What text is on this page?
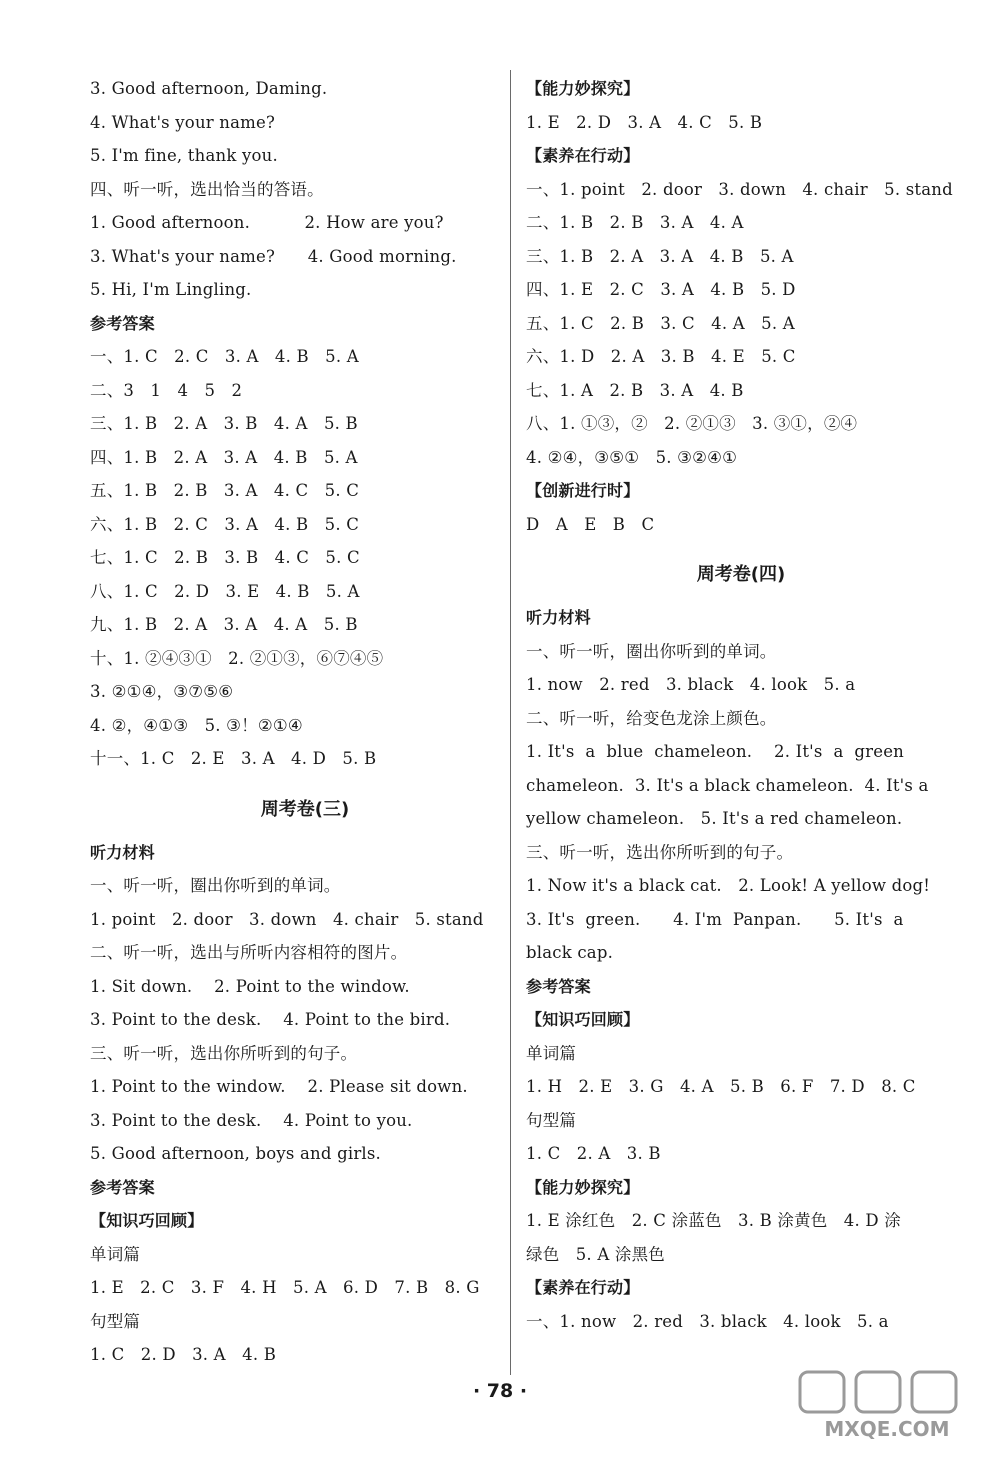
3. Good afternoon, Daming.
4. What's your name?
5. I'm fine, thank you.
四、听一听，选出恰当的答语。
1. Good afternoon.          2. How are you?
3. What's your name?      4. Good morning.
5. Hi, I'm Lingling.
参考答案
一、1. C   2. C   3. A   4. B   5. A
二、3   1   4   5   2
三、1. B   2. A   3. B   4. A   5. B
四、1. B   2. A   3. A   4. B   5. A
五、1. B   2. B   3. A   4. C   5. C
六、1. B   2. C   3. A   4. B   5. C
七、1. C   2. B   3. B   4. C   5. C
八、1. C   2. D   3. E   4. B   5. A
九、1. B   2. A   3. A   4. A   5. B
十、1. ②④③①   2. ②①③，⑥⑦④⑤
3. ②①④，③⑦⑤⑥
4. ②，④①③   5. ③！②①④
十一、1. C   2. E   3. A   4. D   5. B
周考卷(三)
听力材料
一、听一听，圈出你听到的单词。
1. point   2. door   3. down   4. chair   5. stand
二、听一听，选出与所听内容相符的图片。
1. Sit down.    2. Point to the window.
3. Point to the desk.    4. Point to the bird.
三、听一听，选出你所听到的句子。
1. Point to the window.    2. Please sit down.
3. Point to the desk.    4. Point to you.
5. Good afternoon, boys and girls.
参考答案
【知识巧回顾】
单词篇
1. E   2. C   3. F   4. H   5. A   6. D   7. B   8. G
句型篇
1. C   2. D   3. A   4. B
【能力妙探究】
1. E   2. D   3. A   4. C   5. B
【素养在行动】
一、1. point   2. door   3. down   4. chair   5. stand
二、1. B   2. B   3. A   4. A
三、1. B   2. A   3. A   4. B   5. A
四、1. E   2. C   3. A   4. B   5. D
五、1. C   2. B   3. C   4. A   5. A
六、1. D   2. A   3. B   4. E   5. C
七、1. A   2. B   3. A   4. B
八、1. ①③，②   2. ②①③   3. ③①，②④
4. ②④，③⑤①   5. ③②④①
【创新进行时】
D   A   E   B   C
周考卷(四)
听力材料
一、听一听，圈出你听到的单词。
1. now   2. red   3. black   4. look   5. a
二、听一听，给变色龙涂上颜色。
1. It's  a  blue  chameleon.    2. It's  a  green
chameleon.  3. It's a black chameleon.  4. It's a
yellow chameleon.   5. It's a red chameleon.
三、听一听，选出你所听到的句子。
1. Now it's a black cat.   2. Look! A yellow dog!
3. It's  green.      4. I'm  Panpan.      5. It's  a
black cap.
参考答案
【知识巧回顾】
单词篇
1. H   2. E   3. G   4. A   5. B   6. F   7. D   8. C
句型篇
1. C   2. A   3. B
【能力妙探究】
1. E 涂红色   2. C 涂蓝色   3. B 涂黄色   4. D 涂
绿色   5. A 涂黑色
【素养在行动】
一、1. now   2. red   3. black   4. look   5. a
· 78 ·
MXQE.COM
